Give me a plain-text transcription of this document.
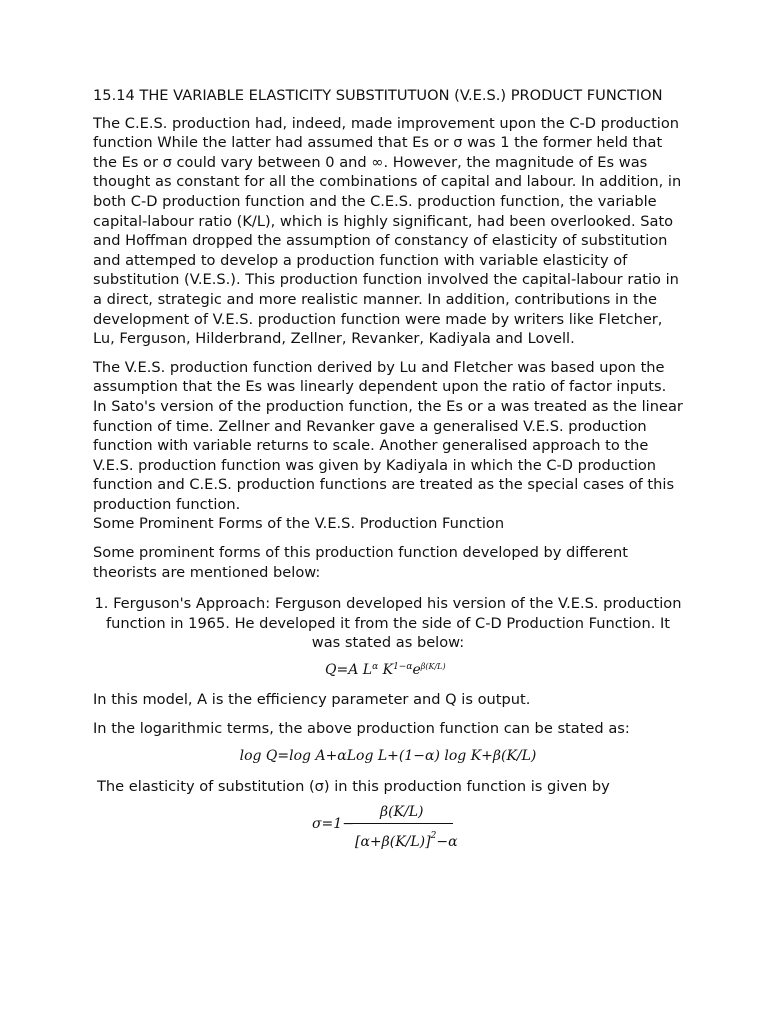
15.14 THE VARIABLE ELASTICITY SUBSTITUTUON (V.E.S.) PRODUCT FUNCTION

The C.E.S. production had, indeed, made improvement upon the C-D production function While the latter had assumed that Es or σ was 1 the former held that the Es or σ could vary between 0 and ∞. However, the magnitude of Es was thought as constant for all the combinations of capital and labour. In addition, in both C-D production function and the C.E.S. production function, the variable capital-labour ratio (K/L), which is highly significant, had been overlooked. Sato and Hoffman dropped the assumption of constancy of elasticity of substitution and attemped to develop a production function with variable elasticity of substitution (V.E.S.). This production function involved the capital-labour ratio in a direct, strategic and more realistic manner. In addition, contributions in the development of V.E.S. production function were made by writers like Fletcher, Lu, Ferguson, Hilderbrand, Zellner, Revanker, Kadiyala and Lovell.

The V.E.S. production function derived by Lu and Fletcher was based upon the assumption that the Es was linearly dependent upon the ratio of factor inputs. In Sato's version of the production function, the Es or a was treated as the linear function of time. Zellner and Revanker gave a generalised V.E.S. production function with variable returns to scale. Another generalised approach to the V.E.S. production function was given by Kadiyala in which the C-D production function and C.E.S. production functions are treated as the special cases of this production function.

Some Prominent Forms of the V.E.S. Production Function

Some prominent forms of this production function developed by different theorists are mentioned below:

1. Ferguson's Approach: Ferguson developed his version of the V.E.S. production function in 1965. He developed it from the side of C-D Production Function. It was stated as below:

Q=A $L^\alpha$ $K^{1-\alpha}e^{\beta(K/L)}$

In this model, A is the efficiency parameter and Q is output.

In the logarithmic terms, the above production function can be stated as:

log Q=log A+αLog L+(1−α) log K+β(K/L)

The elasticity of substitution (σ) in this production function is given by

σ=1−
β(K/L)
$[\alpha+\beta(K/L)]^2-\alpha$
